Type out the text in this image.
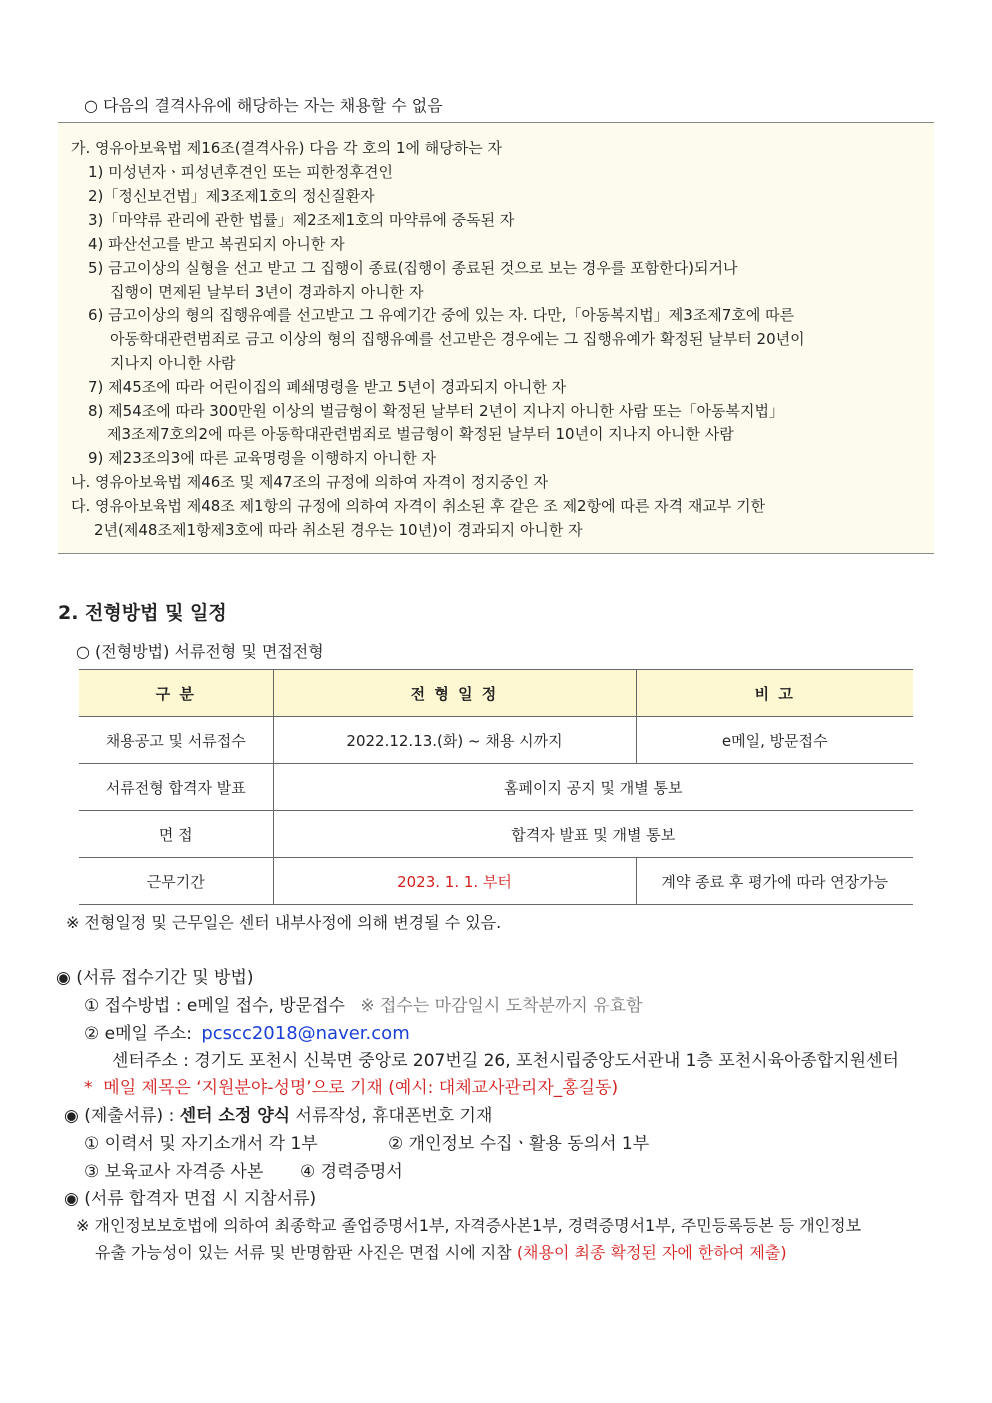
○ 다음의 결격사유에 해당하는 자는 채용할 수 없음
가. 영유아보육법 제16조(결격사유) 다음 각 호의 1에 해당하는 자
1) 미성년자ㆍ피성년후견인 또는 피한정후견인
2)「정신보건법」제3조제1호의 정신질환자
3)「마약류 관리에 관한 법률」제2조제1호의 마약류에 중독된 자
4) 파산선고를 받고 복권되지 아니한 자
5) 금고이상의 실형을 선고 받고 그 집행이 종료(집행이 종료된 것으로 보는 경우를 포함한다)되거나
집행이 면제된 날부터 3년이 경과하지 아니한 자
6) 금고이상의 형의 집행유예를 선고받고 그 유예기간 중에 있는 자. 다만,「아동복지법」제3조제7호에 따른
아동학대관련범죄로 금고 이상의 형의 집행유예를 선고받은 경우에는 그 집행유예가 확정된 날부터 20년이
지나지 아니한 사람
7) 제45조에 따라 어린이집의 폐쇄명령을 받고 5년이 경과되지 아니한 자
8) 제54조에 따라 300만원 이상의 벌금형이 확정된 날부터 2년이 지나지 아니한 사람 또는「아동복지법」
제3조제7호의2에 따른 아동학대관련범죄로 벌금형이 확정된 날부터 10년이 지나지 아니한 사람
9) 제23조의3에 따른 교육명령을 이행하지 아니한 자
나. 영유아보육법 제46조 및 제47조의 규정에 의하여 자격이 정지중인 자
다. 영유아보육법 제48조 제1항의 규정에 의하여 자격이 취소된 후 같은 조 제2항에 따른 자격 재교부 기한
2년(제48조제1항제3호에 따라 취소된 경우는 10년)이 경과되지 아니한 자
2. 전형방법 및 일정
○ (전형방법) 서류전형 및 면접전형
구 분	전 형 일 정	비 고
채용공고 및 서류접수	2022.12.13.(화) ~ 채용 시까지	e메일, 방문접수
서류전형 합격자 발표	홈페이지 공지 및 개별 통보	
면 접	합격자 발표 및 개별 통보	
근무기간	2023. 1. 1. 부터	계약 종료 후 평가에 따라 연장가능
※ 전형일정 및 근무일은 센터 내부사정에 의해 변경될 수 있음.
◉ (서류 접수기간 및 방법)
① 접수방법 : e메일 접수, 방문접수 ※ 접수는 마감일시 도착분까지 유효함
② e메일 주소: pcscc2018@naver.com
센터주소 : 경기도 포천시 신북면 중앙로 207번길 26, 포천시립중앙도서관내 1층 포천시육아종합지원센터
*  메일 제목은 ‘지원분야-성명’으로 기재 (예시: 대체교사관리자_홍길동)
◉ (제출서류) : 센터 소정 양식 서류작성, 휴대폰번호 기재
① 이력서 및 자기소개서 각 1부	② 개인정보 수집ㆍ활용 동의서 1부
③ 보육교사 자격증 사본 ④ 경력증명서
◉ (서류 합격자 면접 시 지참서류)
※ 개인정보보호법에 의하여 최종학교 졸업증명서1부, 자격증사본1부, 경력증명서1부, 주민등록등본 등 개인정보
유출 가능성이 있는 서류 및 반명함판 사진은 면접 시에 지참 (채용이 최종 확정된 자에 한하여 제출)
